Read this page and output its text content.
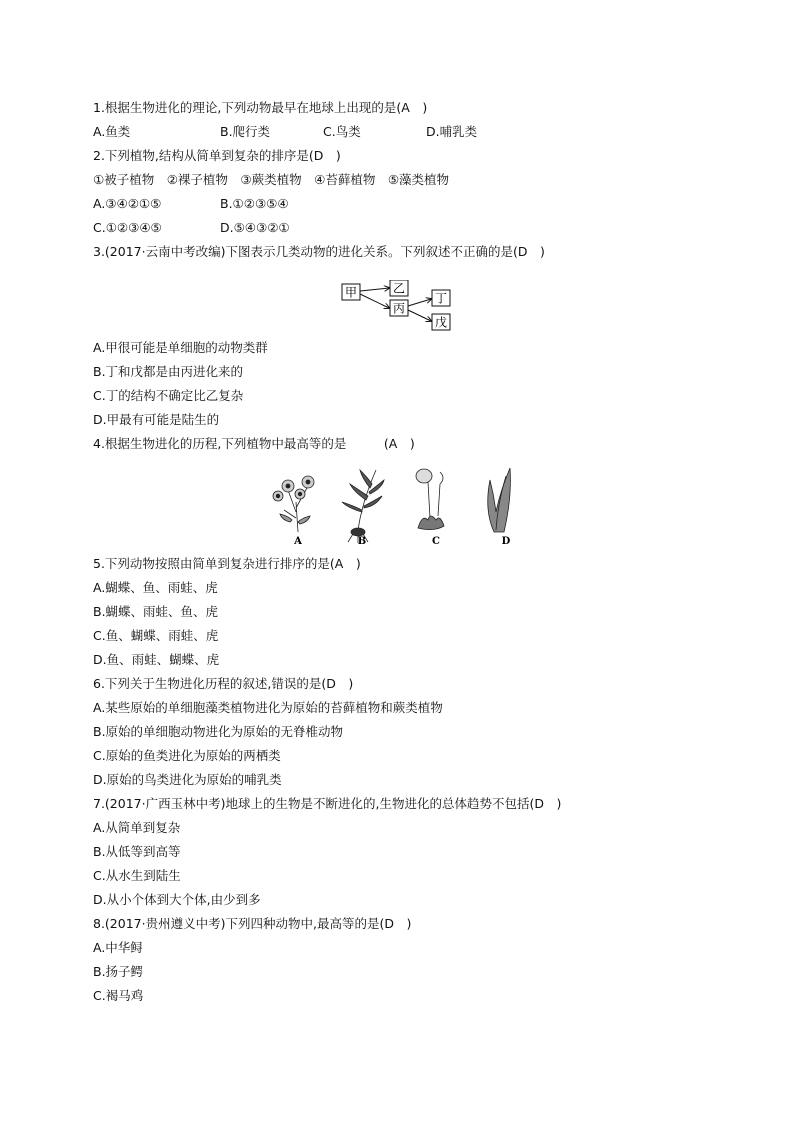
1.根据生物进化的理论,下列动物最早在地球上出现的是(A　)
A.鱼类	B.爬行类	C.鸟类	D.哺乳类
2.下列植物,结构从简单到复杂的排序是(D　)
①被子植物　②裸子植物　③蕨类植物　④苔藓植物　⑤藻类植物
A.③④②①⑤	B.①②③⑤④
C.①②③④⑤	D.⑤④③②①
3.(2017·云南中考改编)下图表示几类动物的进化关系。下列叙述不正确的是(D　)
甲	乙
丙
丁
戊
A.甲很可能是单细胞的动物类群
B.丁和戊都是由丙进化来的
C.丁的结构不确定比乙复杂
D.甲最有可能是陆生的
4.根据生物进化的历程,下列植物中最高等的是　　　(A　)
A	B	C	D
5.下列动物按照由简单到复杂进行排序的是(A　)
A.蝴蝶、鱼、雨蛙、虎
B.蝴蝶、雨蛙、鱼、虎
C.鱼、蝴蝶、雨蛙、虎
D.鱼、雨蛙、蝴蝶、虎
6.下列关于生物进化历程的叙述,错误的是(D　)
A.某些原始的单细胞藻类植物进化为原始的苔藓植物和蕨类植物
B.原始的单细胞动物进化为原始的无脊椎动物
C.原始的鱼类进化为原始的两栖类
D.原始的鸟类进化为原始的哺乳类
7.(2017·广西玉林中考)地球上的生物是不断进化的,生物进化的总体趋势不包括(D　)
A.从简单到复杂
B.从低等到高等
C.从水生到陆生
D.从小个体到大个体,由少到多
8.(2017·贵州遵义中考)下列四种动物中,最高等的是(D　)
A.中华鲟
B.扬子鳄
C.褐马鸡
